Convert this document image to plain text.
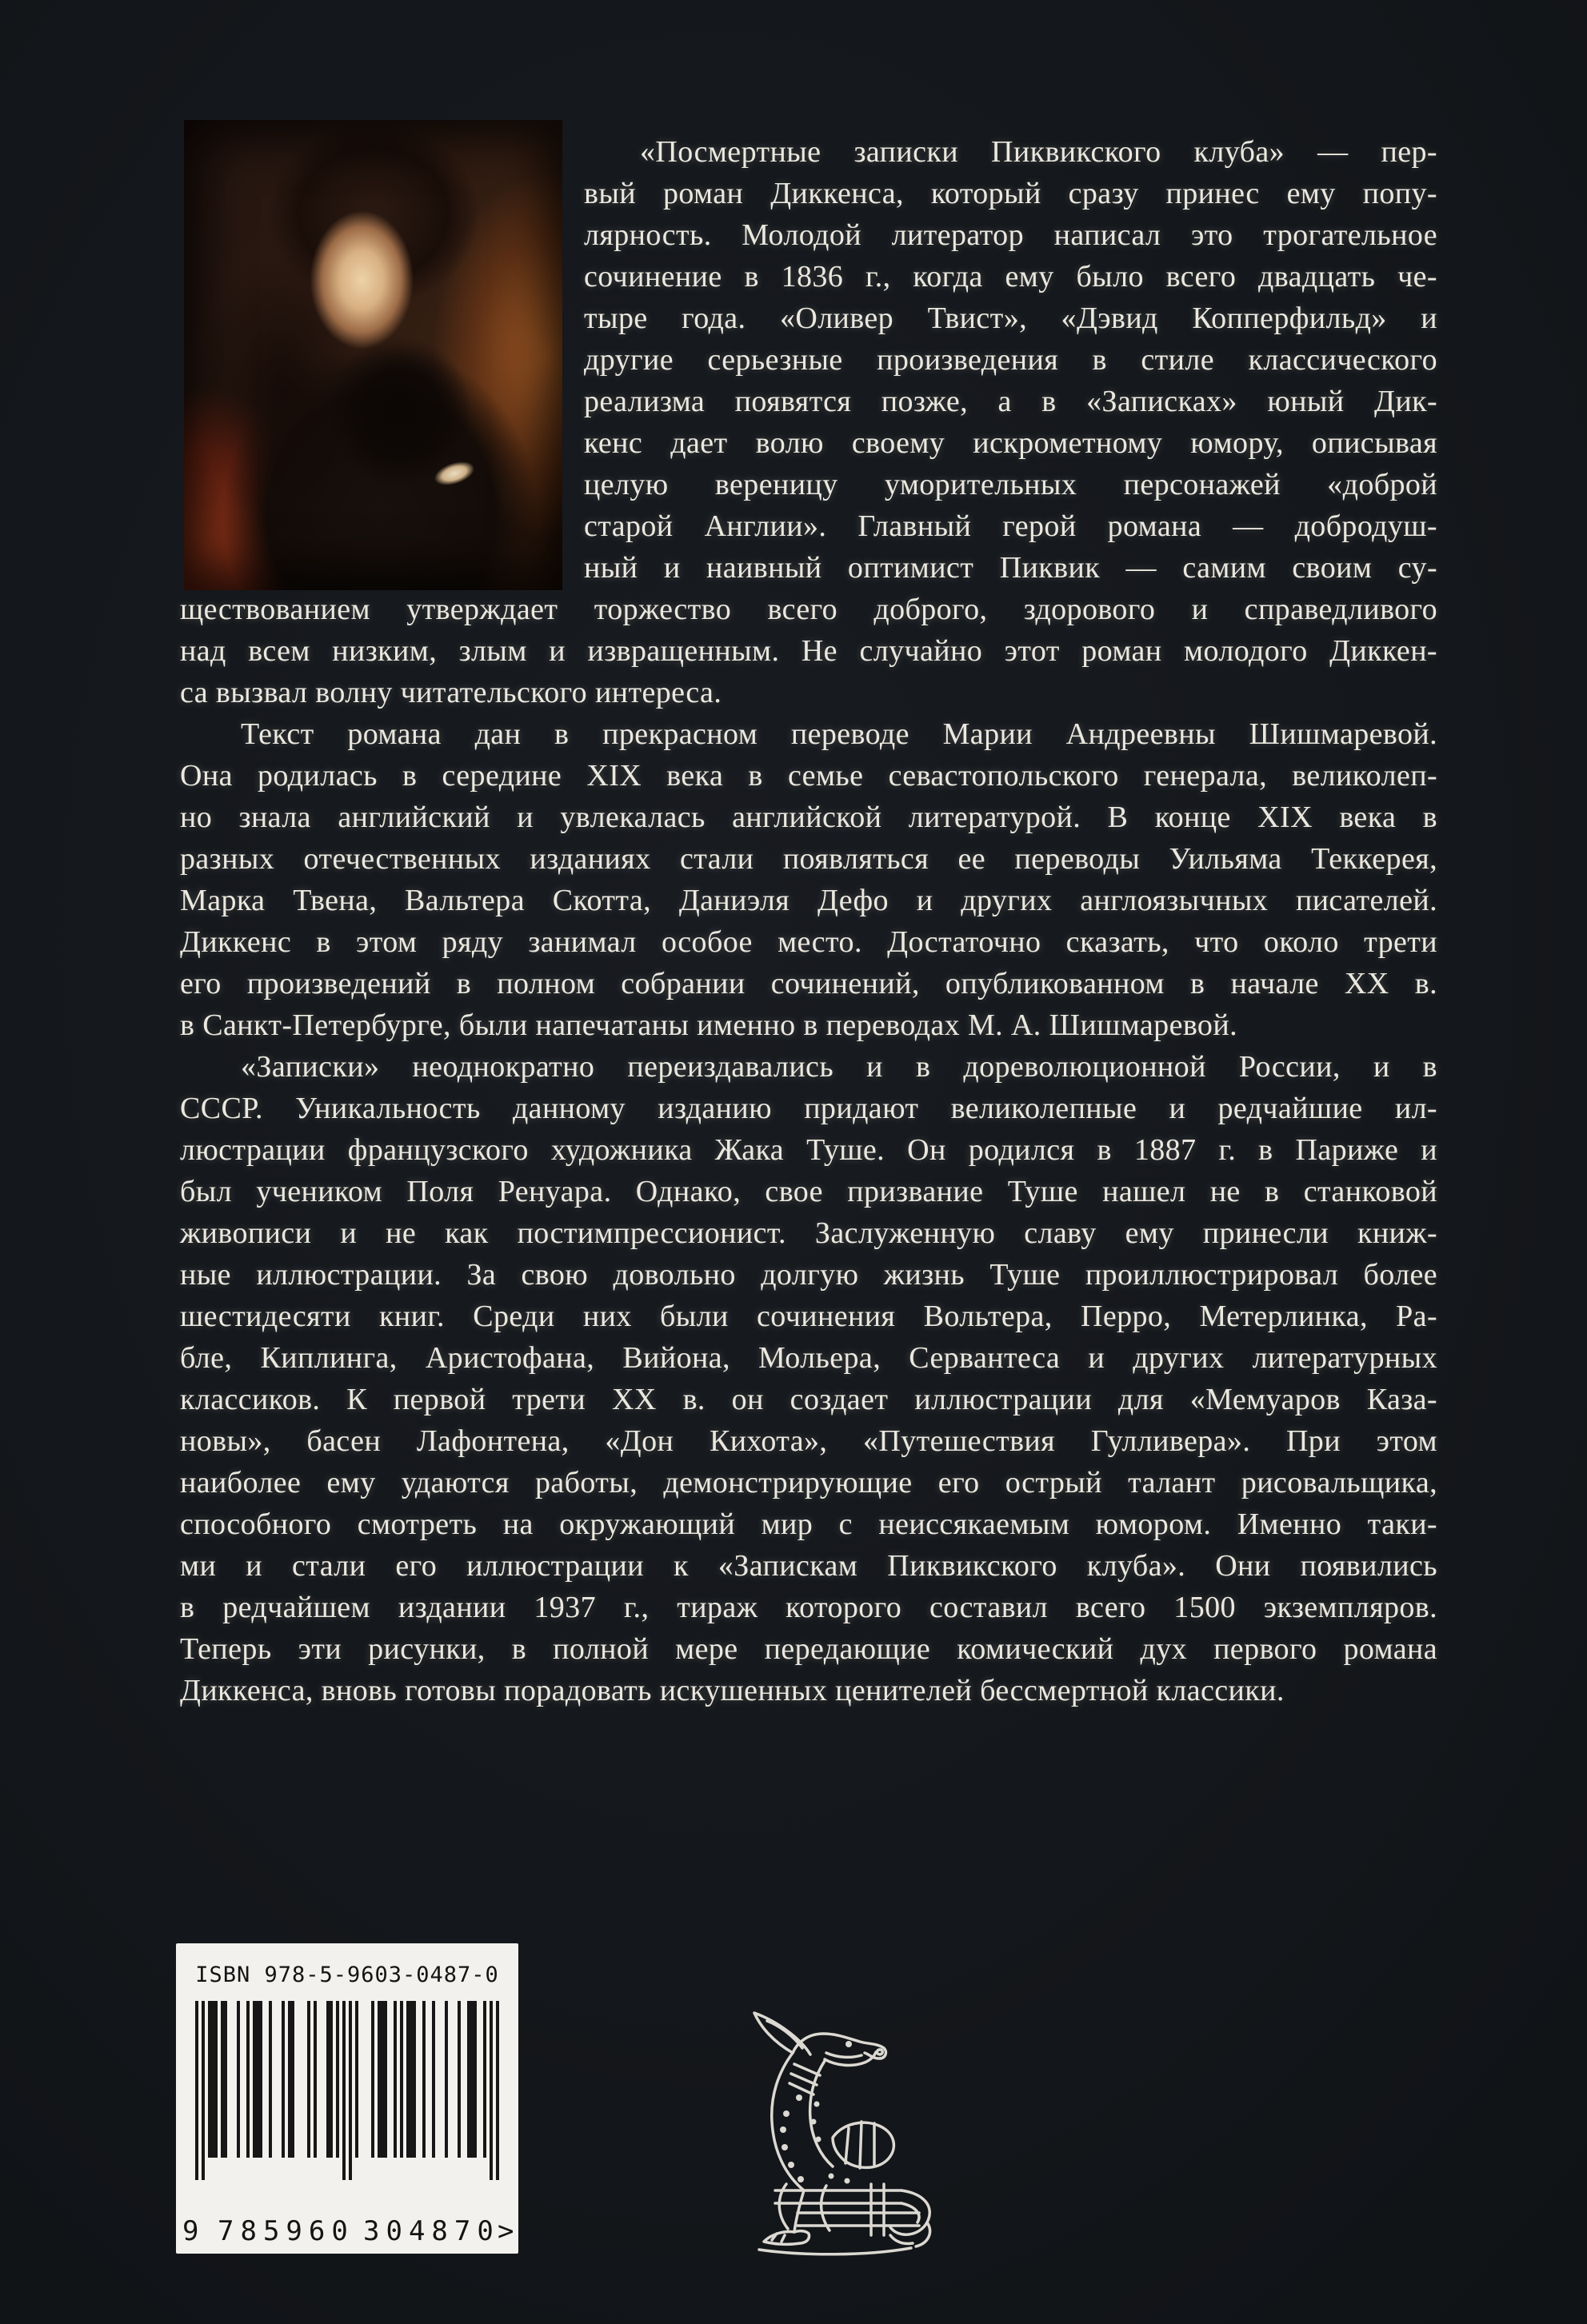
«Посмертные записки Пиквикского клуба» — пер-
вый роман Диккенса, который сразу принес ему попу-
лярность. Молодой литератор написал это трогательное
сочинение в 1836 г., когда ему было всего двадцать че-
тыре года. «Оливер Твист», «Дэвид Копперфильд» и
другие серьезные произведения в стиле классического
реализма появятся позже, а в «Записках» юный Дик-
кенс дает волю своему искрометному юмору, описывая
целую вереницу уморительных персонажей «доброй
старой Англии». Главный герой романа — добродуш-
ный и наивный оптимист Пиквик — самим своим су-
ществованием утверждает торжество всего доброго, здорового и справедливого
над всем низким, злым и извращенным. Не случайно этот роман молодого Диккен-
са вызвал волну читательского интереса.
Текст романа дан в прекрасном переводе Марии Андреевны Шишмаревой.
Она родилась в середине XIX века в семье севастопольского генерала, великолеп-
но знала английский и увлекалась английской литературой. В конце XIX века в
разных отечественных изданиях стали появляться ее переводы Уильяма Теккерея,
Марка Твена, Вальтера Скотта, Даниэля Дефо и других англоязычных писателей.
Диккенс в этом ряду занимал особое место. Достаточно сказать, что около трети
его произведений в полном собрании сочинений, опубликованном в начале XX в.
в Санкт-Петербурге, были напечатаны именно в переводах М. А. Шишмаревой.
«Записки» неоднократно переиздавались и в дореволюционной России, и в
СССР. Уникальность данному изданию придают великолепные и редчайшие ил-
люстрации французского художника Жака Туше. Он родился в 1887 г. в Париже и
был учеником Поля Ренуара. Однако, свое призвание Туше нашел не в станковой
живописи и не как постимпрессионист. Заслуженную славу ему принесли книж-
ные иллюстрации. За свою довольно долгую жизнь Туше проиллюстрировал более
шестидесяти книг. Среди них были сочинения Вольтера, Перро, Метерлинка, Ра-
бле, Киплинга, Аристофана, Вийона, Мольера, Сервантеса и других литературных
классиков. К первой трети XX в. он создает иллюстрации для «Мемуаров Каза-
новы», басен Лафонтена, «Дон Кихота», «Путешествия Гулливера». При этом
наиболее ему удаются работы, демонстрирующие его острый талант рисовальщика,
способного смотреть на окружающий мир с неиссякаемым юмором. Именно таки-
ми и стали его иллюстрации к «Запискам Пиквикского клуба». Они появились
в редчайшем издании 1937 г., тираж которого составил всего 1500 экземпляров.
Теперь эти рисунки, в полной мере передающие комический дух первого романа
Диккенса, вновь готовы порадовать искушенных ценителей бессмертной классики.
ISBN 978-5-9603-0487-0
9 785960 304870
>
